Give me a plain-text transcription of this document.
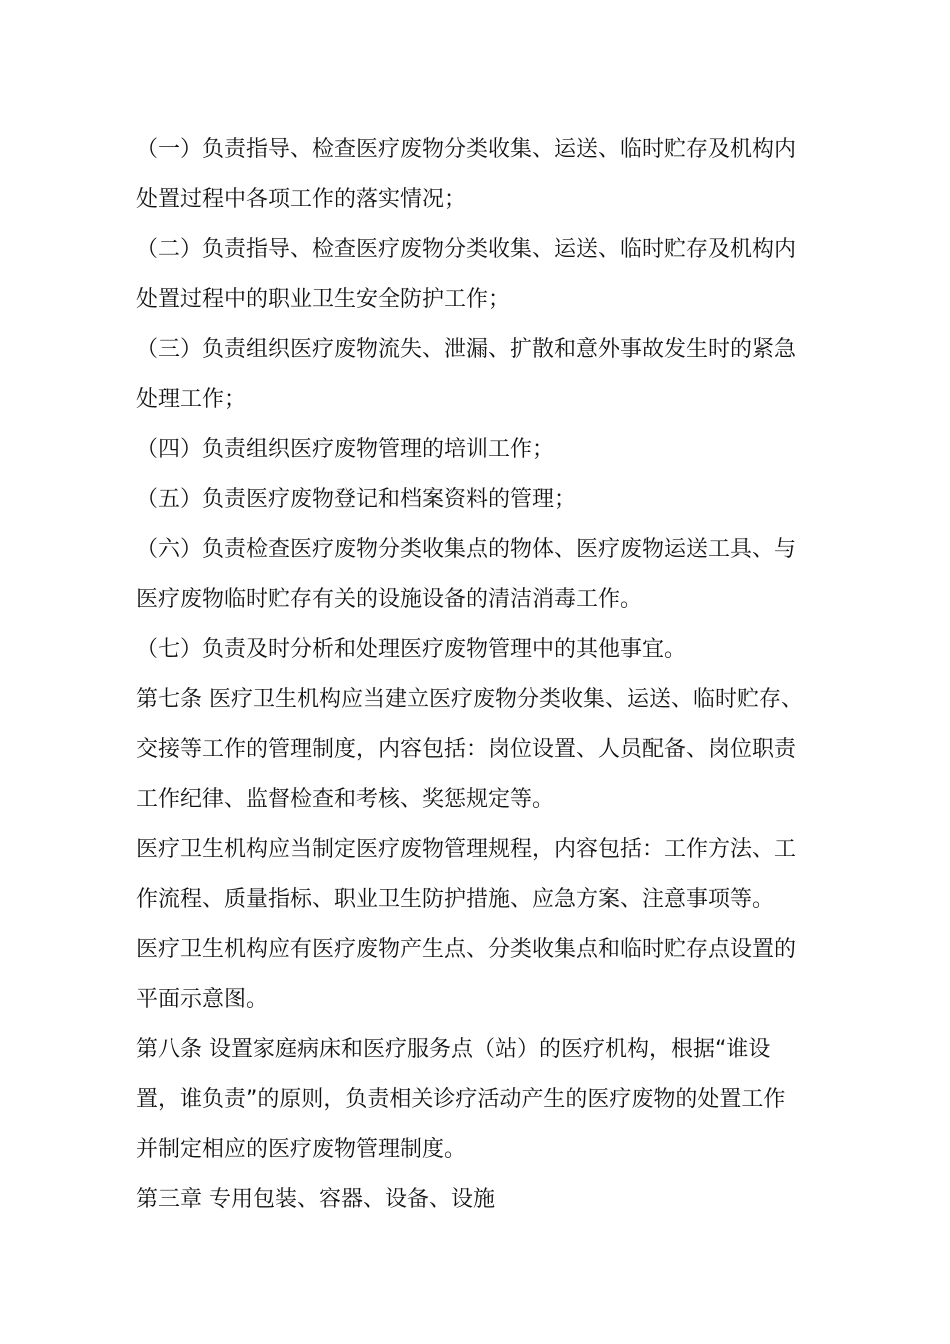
（一）负责指导、检查医疗废物分类收集、运送、临时贮存及机构内
处置过程中各项工作的落实情况；
（二）负责指导、检查医疗废物分类收集、运送、临时贮存及机构内
处置过程中的职业卫生安全防护工作；
（三）负责组织医疗废物流失、泄漏、扩散和意外事故发生时的紧急
处理工作；
（四）负责组织医疗废物管理的培训工作；
（五）负责医疗废物登记和档案资料的管理；
（六）负责检查医疗废物分类收集点的物体、医疗废物运送工具、与
医疗废物临时贮存有关的设施设备的清洁消毒工作。
（七）负责及时分析和处理医疗废物管理中的其他事宜。
第七条 医疗卫生机构应当建立医疗废物分类收集、运送、临时贮存、
交接等工作的管理制度，内容包括：岗位设置、人员配备、岗位职责
工作纪律、监督检查和考核、奖惩规定等。
医疗卫生机构应当制定医疗废物管理规程，内容包括：工作方法、工
作流程、质量指标、职业卫生防护措施、应急方案、注意事项等。
医疗卫生机构应有医疗废物产生点、分类收集点和临时贮存点设置的
平面示意图。
第八条 设置家庭病床和医疗服务点（站）的医疗机构，根据“谁设
置，谁负责”的原则，负责相关诊疗活动产生的医疗废物的处置工作
并制定相应的医疗废物管理制度。
第三章 专用包装、容器、设备、设施
